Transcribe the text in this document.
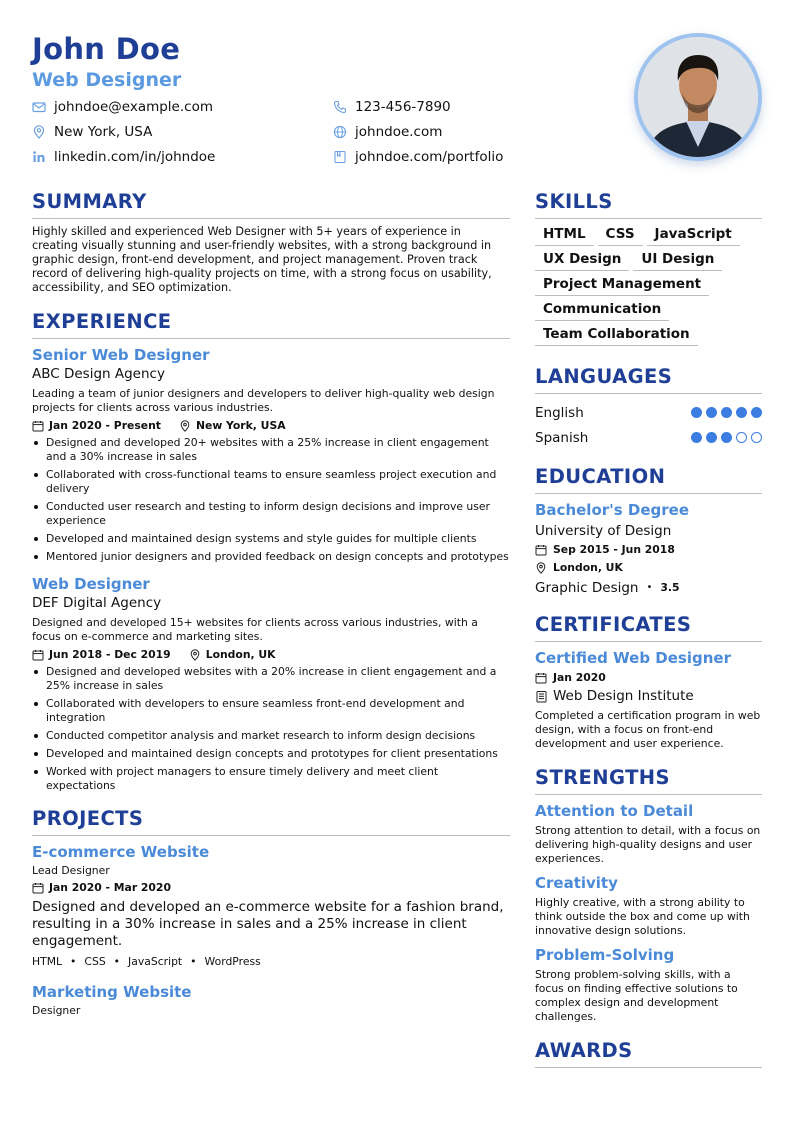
John Doe
Web Designer
johndoe@example.com	123-456-7890
New York, USA	johndoe.com
linkedin.com/in/johndoe	johndoe.com/portfolio
SUMMARY
Highly skilled and experienced Web Designer with 5+ years of experience in creating visually stunning and user-friendly websites, with a strong background in graphic design, front-end development, and project management. Proven track record of delivering high-quality projects on time, with a strong focus on usability, accessibility, and SEO optimization.
EXPERIENCE
Senior Web Designer
ABC Design Agency
Leading a team of junior designers and developers to deliver high-quality web design projects for clients across various industries.
Jan 2020 - Present	New York, USA
Designed and developed 20+ websites with a 25% increase in client engagement and a 30% increase in sales
Collaborated with cross-functional teams to ensure seamless project execution and delivery
Conducted user research and testing to inform design decisions and improve user experience
Developed and maintained design systems and style guides for multiple clients
Mentored junior designers and provided feedback on design concepts and prototypes
Web Designer
DEF Digital Agency
Designed and developed 15+ websites for clients across various industries, with a focus on e-commerce and marketing sites.
Jun 2018 - Dec 2019	London, UK
Designed and developed websites with a 20% increase in client engagement and a 25% increase in sales
Collaborated with developers to ensure seamless front-end development and integration
Conducted competitor analysis and market research to inform design decisions
Developed and maintained design concepts and prototypes for client presentations
Worked with project managers to ensure timely delivery and meet client expectations
PROJECTS
E-commerce Website
Lead Designer
Jan 2020 - Mar 2020
Designed and developed an e-commerce website for a fashion brand, resulting in a 30% increase in sales and a 25% increase in client engagement.
HTML • CSS • JavaScript • WordPress
Marketing Website
Designer
SKILLS
HTML	CSS	JavaScript
UX Design	UI Design
Project Management
Communication
Team Collaboration
LANGUAGES
English
Spanish
EDUCATION
Bachelor's Degree
University of Design
Sep 2015 - Jun 2018
London, UK
Graphic Design • 3.5
CERTIFICATES
Certified Web Designer
Jan 2020
Web Design Institute
Completed a certification program in web design, with a focus on front-end development and user experience.
STRENGTHS
Attention to Detail
Strong attention to detail, with a focus on delivering high-quality designs and user experiences.
Creativity
Highly creative, with a strong ability to think outside the box and come up with innovative design solutions.
Problem-Solving
Strong problem-solving skills, with a focus on finding effective solutions to complex design and development challenges.
AWARDS
